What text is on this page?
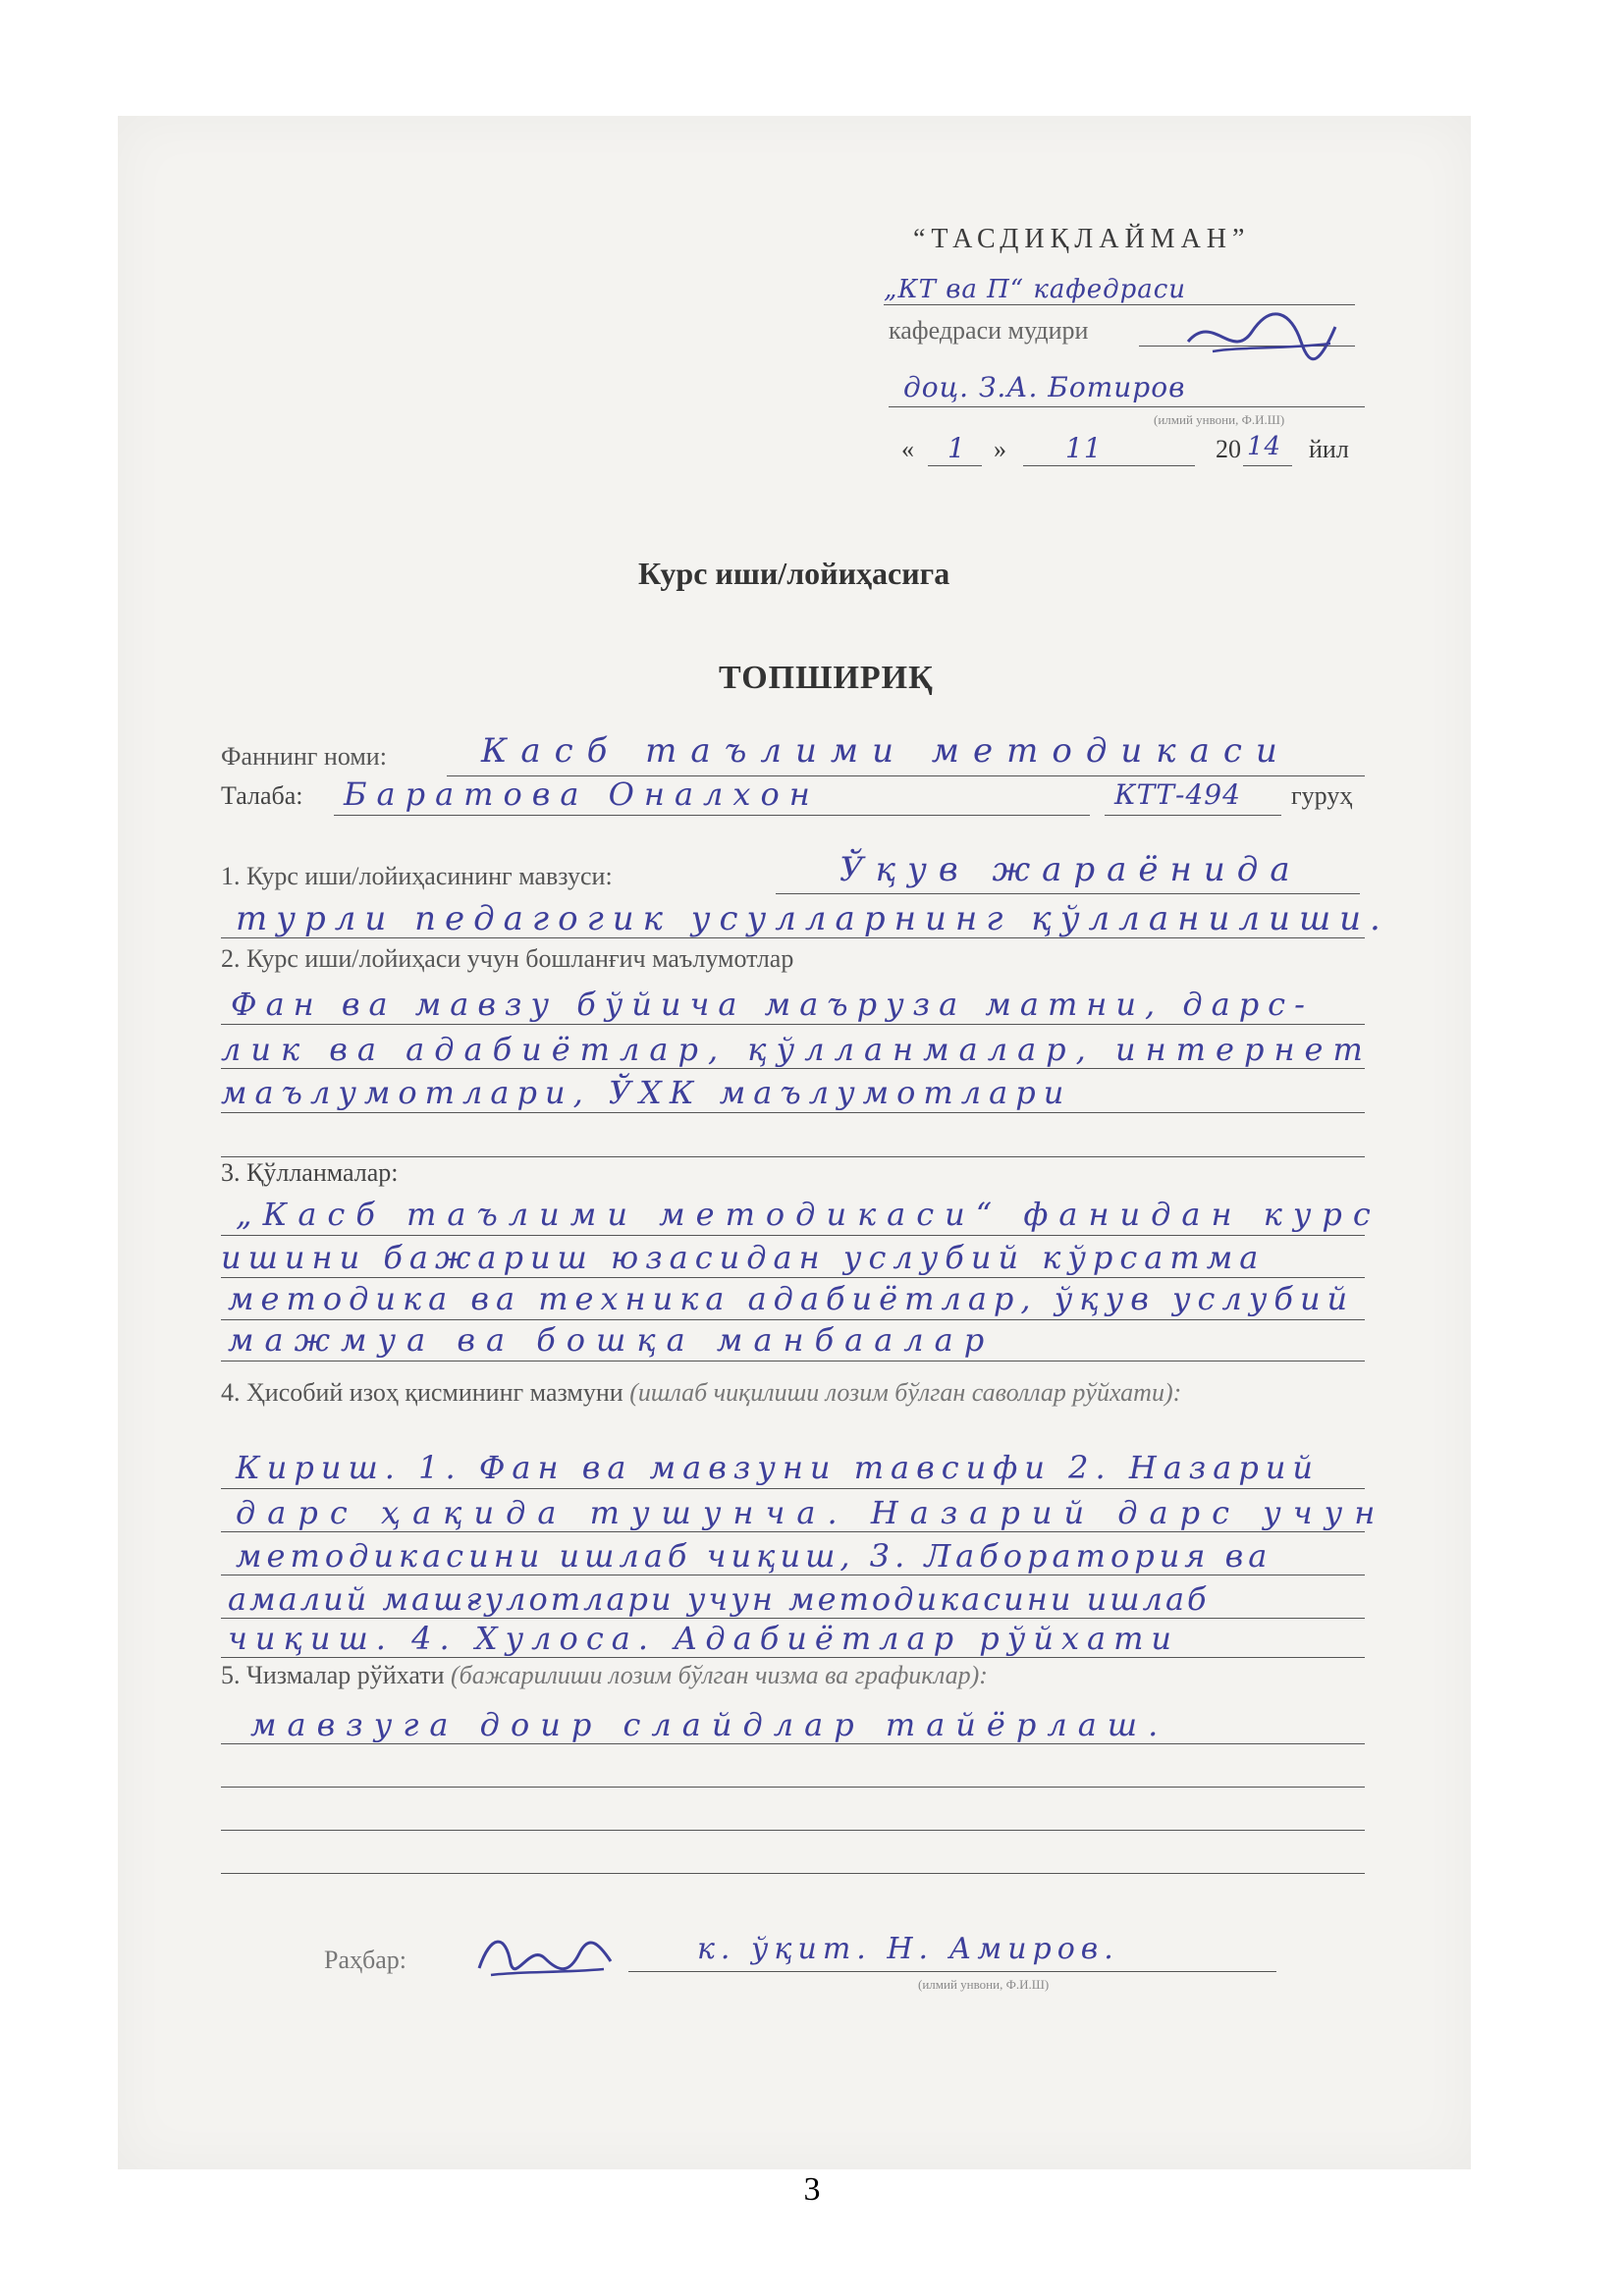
“ТАСДИҚЛАЙМАН”
„КТ ва П“ кафедраси
кафедраси мудири
доц. З.А. Ботиров
(илмий унвони, Ф.И.Ш)
« 1 » 11	20 14 йил
Курс иши/лойиҳасига
ТОПШИРИҚ
Фаннинг номи:	Касб таълими методикаси
Талаба: Баратова Оналхон	КТТ-494 гуруҳ
1. Курс иши/лойиҳасининг мавзуси:	Ўқув жараёнида
турли педагогик усулларнинг қўлланилиши.
2. Курс иши/лойиҳаси учун бошланғич маълумотлар
Фан ва мавзу бўйича маъруза матни, дарс-
лик ва адабиётлар, қўлланмалар, интернет
маълумотлари, ЎХК маълумотлари
3. Қўлланмалар:
„Касб таълими методикаси“ фанидан курс
ишини бажариш юзасидан услубий кўрсатма
методика ва техника адабиётлар, ўқув услубий
мажмуа ва бошқа манбаалар
4. Ҳисобий изоҳ қисмининг мазмуни (ишлаб чиқилиши лозим бўлган саволлар рўйхати):
Кириш. 1. Фан ва мавзуни тавсифи 2. Назарий
дарс ҳақида тушунча. Назарий дарс учун
методикасини ишлаб чиқиш, 3. Лаборатория ва
амалий машғулотлари учун методикасини ишлаб
чиқиш. 4. Хулоса. Адабиётлар рўйхати
5. Чизмалар рўйхати (бажарилиши лозим бўлган чизма ва графиклар):
мавзуга доир слайдлар тайёрлаш.
Раҳбар:	к. ўқит. Н. Амиров.
(илмий унвони, Ф.И.Ш)
3
